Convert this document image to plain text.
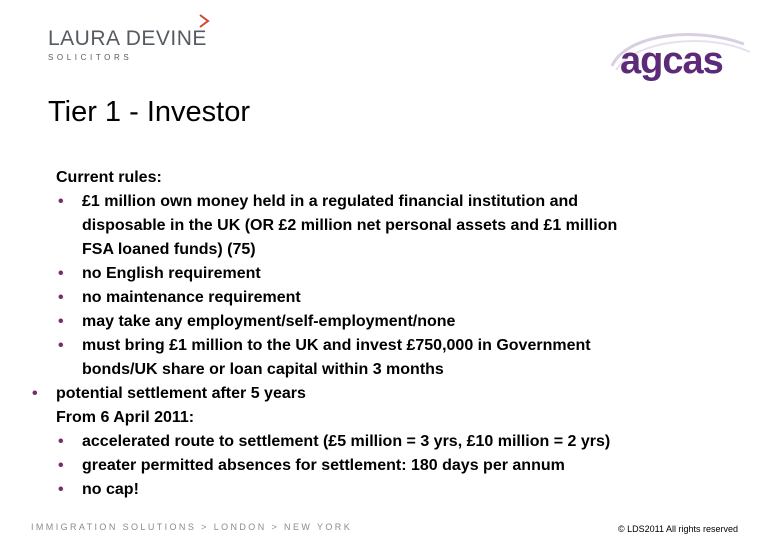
LAURA DEVINE
SOLICITORS	agcas
Tier 1 - Investor
Current rules:
• £1 million own money held in a regulated financial institution and
disposable in the UK (OR £2 million net personal assets and £1 million
FSA loaned funds) (75)
• no English requirement
• no maintenance requirement
• may take any employment/self-employment/none
• must bring £1 million to the UK and invest £750,000 in Government
bonds/UK share or loan capital within 3 months
• potential settlement after 5 years
From 6 April 2011:
• accelerated route to settlement (£5 million = 3 yrs, £10 million = 2 yrs)
• greater permitted absences for settlement: 180 days per annum
• no cap!
IMMIGRATION SOLUTIONS > LONDON > NEW YORK	© LDS2011 All rights reserved
